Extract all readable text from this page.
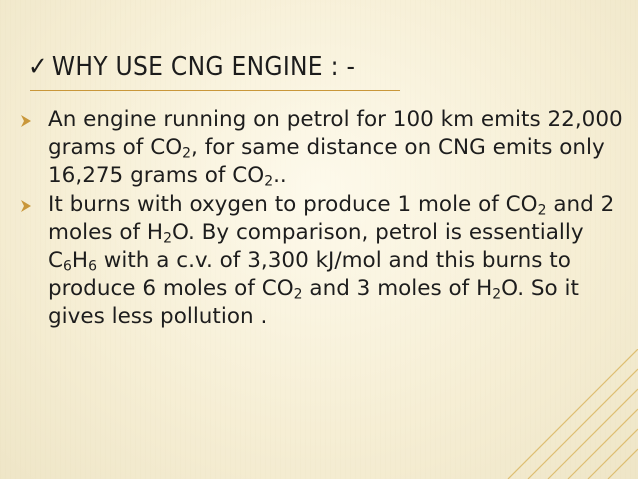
✓ WHY USE CNG ENGINE : -
An engine running on petrol for 100 km emits 22,000 grams of $CO_2$, for same distance on CNG emits only 16,275 grams of $CO_2$..
It burns with oxygen to produce 1 mole of $CO_2$ and 2 moles of $H_2O$. By comparison, petrol is essentially $C_6H_6$ with a c.v. of 3,300 kJ/mol and this burns to produce 6 moles of $CO_2$ and 3 moles of $H_2O$. So it gives less pollution .
